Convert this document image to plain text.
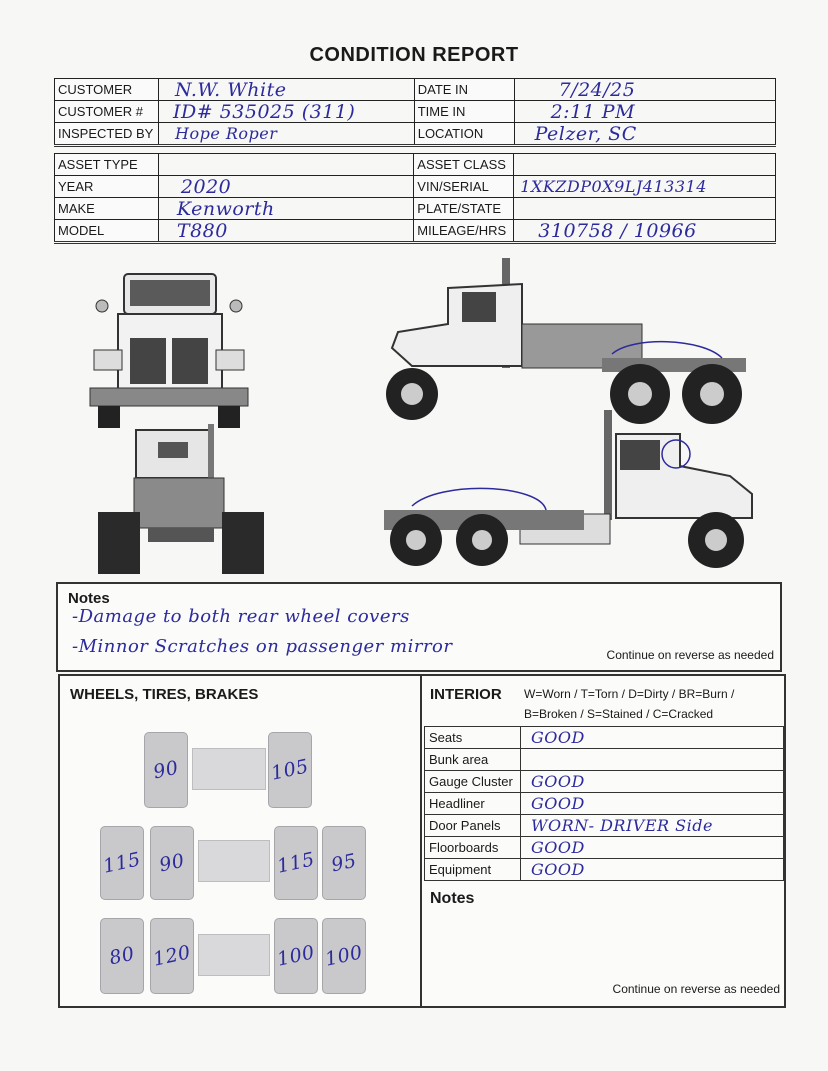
CONDITION REPORT
CUSTOMER	N.W. White	DATE IN	7/24/25
CUSTOMER #	ID# 535025 (311)	TIME IN	2:11 PM
INSPECTED BY	Hope Roper	LOCATION	Pelzer, SC
ASSET TYPE		ASSET CLASS	
YEAR	2020	VIN/SERIAL	1XKZDP0X9LJ413314
MAKE	Kenworth	PLATE/STATE	
MODEL	T880	MILEAGE/HRS	310758 / 10966
Notes
-Damage to both rear wheel covers
-Minnor Scratches on passenger mirror	Continue on reverse as needed
WHEELS, TIRES, BRAKES
90	105
115 90	115 95
80 120	100 100
INTERIOR W=Worn / T=Torn / D=Dirty / BR=Burn / B=Broken / S=Stained / C=Cracked
Seats	GOOD
Bunk area	
Gauge Cluster	GOOD
Headliner	GOOD
Door Panels	WORN- DRIVER Side
Floorboards	GOOD
Equipment	GOOD
Notes
Continue on reverse as needed
